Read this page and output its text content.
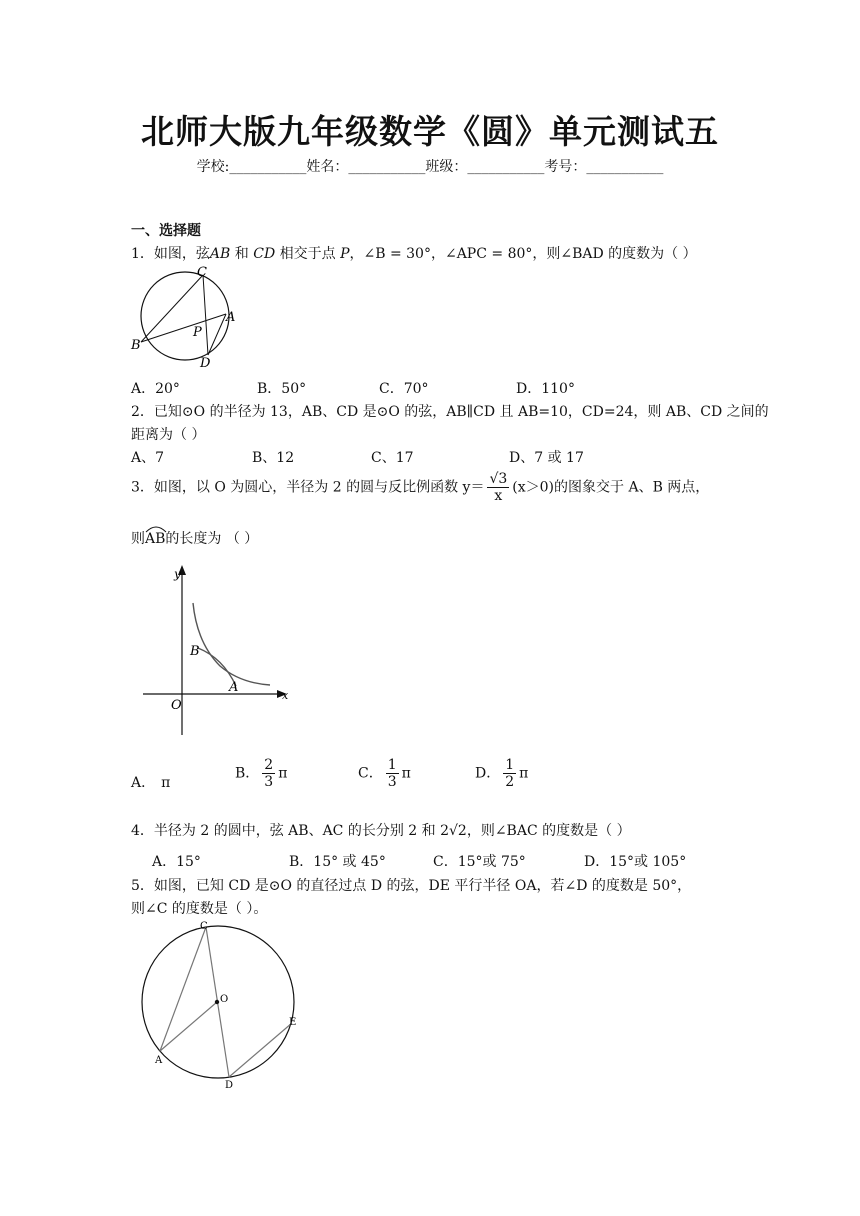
北师大版九年级数学《圆》单元测试五
学校:___________姓名：___________班级：___________考号：___________
一、选择题
1．如图，弦AB 和 CD 相交于点 P，∠B = 30°，∠APC = 80°，则∠BAD 的度数为（ ）
C
A
P
B
D
A．20°	B．50°	C．70°	D．110°
2．已知⊙O 的半径为 13，AB、CD 是⊙O 的弦，AB∥CD 且 AB=10，CD=24，则 AB、CD 之间的
距离为（ ）
A、7	B、12	C、17	D、7 或 17
3．如图，以 O 为圆心，半径为 2 的圆与反比例函数 $y= \frac{√3}{x} (x>0)$的图象交于 A、B 两点，
则
AB的长度为 （ ）
y
B
A
O
x
A． π
B． $\frac{2}{3}$ π	C． $\frac{1}{3}$ π	D． $\frac{1}{2}$ π
4．半径为 2 的圆中，弦 AB、AC 的长分别 2 和 2√2，则∠BAC 的度数是（ ）
A．15°	B．15° 或 45°	C．15°或 75°	D．15°或 105°
5．如图，已知 CD 是⊙O 的直径过点 D 的弦，DE 平行半径 OA，若∠D 的度数是 50°，
则∠C 的度数是（ ）。
C
O
E
A
D
